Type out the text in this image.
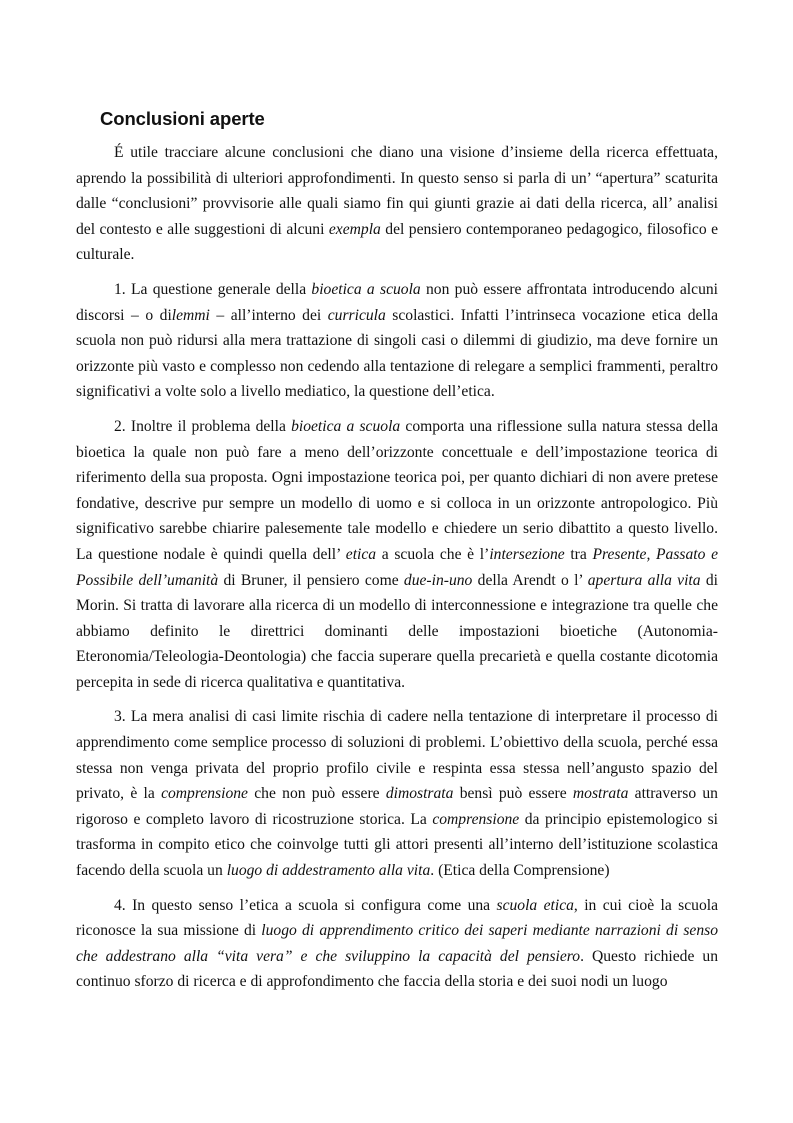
Conclusioni aperte

É utile tracciare alcune conclusioni che diano una visione d’insieme della ricerca effettuata, aprendo la possibilità di ulteriori approfondimenti. In questo senso si parla di un’ “apertura” scaturita dalle “conclusioni” provvisorie alle quali siamo fin qui giunti grazie ai dati della ricerca, all’ analisi del contesto e alle suggestioni di alcuni exempla del pensiero contemporaneo pedagogico, filosofico e culturale.

1. La questione generale della bioetica a scuola non può essere affrontata introducendo alcuni discorsi – o dilemmi – all’interno dei curricula scolastici. Infatti l’intrinseca vocazione etica della scuola non può ridursi alla mera trattazione di singoli casi o dilemmi di giudizio, ma deve fornire un orizzonte più vasto e complesso non cedendo alla tentazione di relegare a semplici frammenti, peraltro significativi a volte solo a livello mediatico, la questione dell’etica.

2. Inoltre il problema della bioetica a scuola comporta una riflessione sulla natura stessa della bioetica la quale non può fare a meno dell’orizzonte concettuale e dell’impostazione teorica di riferimento della sua proposta. Ogni impostazione teorica poi, per quanto dichiari di non avere pretese fondative, descrive pur sempre un modello di uomo e si colloca in un orizzonte antropologico. Più significativo sarebbe chiarire palesemente tale modello e chiedere un serio dibattito a questo livello. La questione nodale è quindi quella dell’ etica a scuola che è l’intersezione tra Presente, Passato e Possibile dell’umanità di Bruner, il pensiero come due-in-uno della Arendt o l’ apertura alla vita di Morin. Si tratta di lavorare alla ricerca di un modello di interconnessione e integrazione tra quelle che abbiamo definito le direttrici dominanti delle impostazioni bioetiche (Autonomia-Eteronomia/Teleologia-Deontologia) che faccia superare quella precarietà e quella costante dicotomia percepita in sede di ricerca qualitativa e quantitativa.

3. La mera analisi di casi limite rischia di cadere nella tentazione di interpretare il processo di apprendimento come semplice processo di soluzioni di problemi. L’obiettivo della scuola, perché essa stessa non venga privata del proprio profilo civile e respinta essa stessa nell’angusto spazio del privato, è la comprensione che non può essere dimostrata bensì può essere mostrata attraverso un rigoroso e completo lavoro di ricostruzione storica. La comprensione da principio epistemologico si trasforma in compito etico che coinvolge tutti gli attori presenti all’interno dell’istituzione scolastica facendo della scuola un luogo di addestramento alla vita. (Etica della Comprensione)

4. In questo senso l’etica a scuola si configura come una scuola etica, in cui cioè la scuola riconosce la sua missione di luogo di apprendimento critico dei saperi mediante narrazioni di senso che addestrano alla “vita vera” e che sviluppino la capacità del pensiero. Questo richiede un continuo sforzo di ricerca e di approfondimento che faccia della storia e dei suoi nodi un luogo
